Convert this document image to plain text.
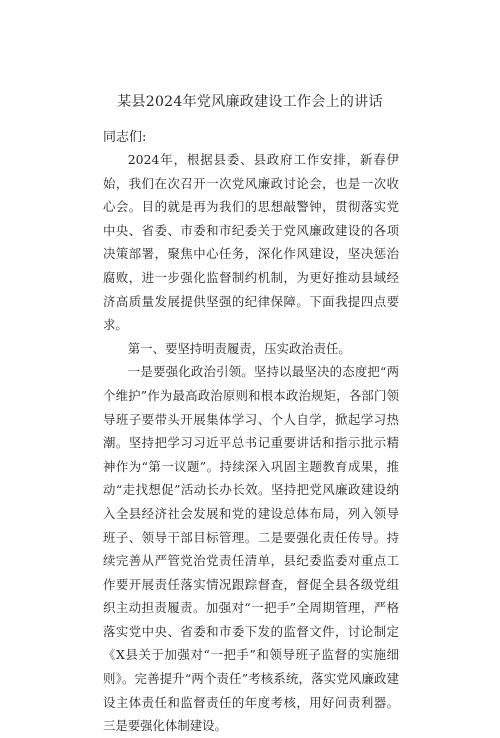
某县2024年党风廉政建设工作会上的讲话
同志们:

2024年，根据县委、县政府工作安排，新春伊始，我们在次召开一次党风廉政讨论会，也是一次收心会。目的就是再为我们的思想敲警钟，贯彻落实党中央、省委、市委和市纪委关于党风廉政建设的各项决策部署，聚焦中心任务，深化作风建设，坚决惩治腐败，进一步强化监督制约机制，为更好推动县域经济高质量发展提供坚强的纪律保障。下面我提四点要求。

第一、要坚持明责履责，压实政治责任。

一是要强化政治引领。坚持以最坚决的态度把“两个维护”作为最高政治原则和根本政治规矩，各部门领导班子要带头开展集体学习、个人自学，掀起学习热潮。坚持把学习习近平总书记重要讲话和指示批示精神作为“第一议题”。持续深入巩固主题教育成果，推动“走找想促”活动长办长效。坚持把党风廉政建设纳入全县经济社会发展和党的建设总体布局，列入领导班子、领导干部目标管理。二是要强化责任传导。持续完善从严管党治党责任清单，县纪委监委对重点工作要开展责任落实情况跟踪督查，督促全县各级党组织主动担责履责。加强对“一把手”全周期管理，严格落实党中央、省委和市委下发的监督文件，讨论制定《X县关于加强对“一把手”和领导班子监督的实施细则》。完善提升“两个责任”考核系统，落实党风廉政建设主体责任和监督责任的年度考核，用好问责利器。三是要强化体制建设。
